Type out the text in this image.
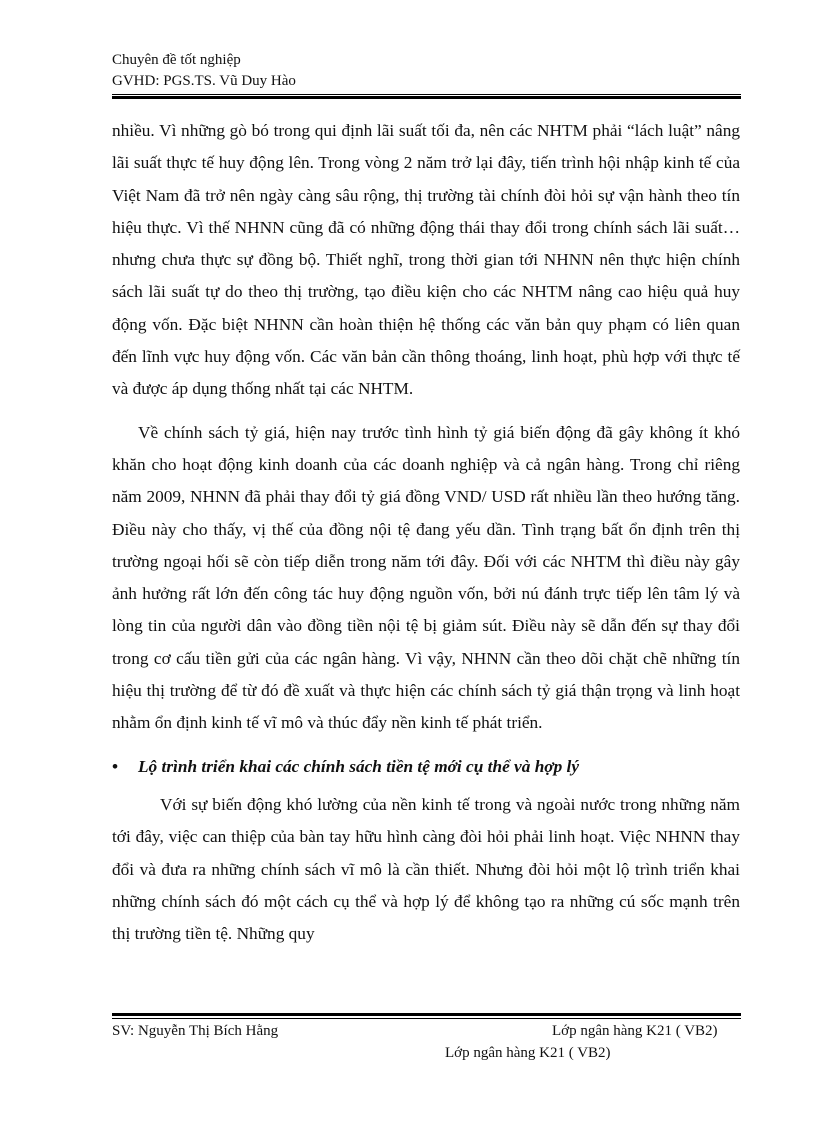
Chuyên đề tốt nghiệp
GVHD: PGS.TS. Vũ Duy Hào

nhiều. Vì những gò bó trong qui định lãi suất tối đa, nên các NHTM phải “lách luật” nâng lãi suất thực tế huy động lên. Trong vòng 2 năm trở lại đây, tiến trình hội nhập kinh tế của Việt Nam đã trở nên ngày càng sâu rộng, thị trường tài chính đòi hỏi sự vận hành theo tín hiệu thực. Vì thế NHNN cũng đã có những động thái thay đổi trong chính sách lãi suất… nhưng chưa thực sự đồng bộ. Thiết nghĩ, trong thời gian tới NHNN nên thực hiện chính sách lãi suất tự do theo thị trường, tạo điều kiện cho các NHTM nâng cao hiệu quả huy động vốn. Đặc biệt NHNN cần hoàn thiện hệ thống các văn bản quy phạm có liên quan đến lĩnh vực huy động vốn. Các văn bản cần thông thoáng, linh hoạt, phù hợp với thực tế và được áp dụng thống nhất tại các NHTM.

Về chính sách tỷ giá, hiện nay trước tình hình tỷ giá biến động đã gây không ít khó khăn cho hoạt động kinh doanh của các doanh nghiệp và cả ngân hàng. Trong chỉ riêng năm 2009, NHNN đã phải thay đổi tỷ giá đồng VND/ USD rất nhiều lần theo hướng tăng. Điều này cho thấy, vị thế của đồng nội tệ đang yếu dần. Tình trạng bất ổn định trên thị trường ngoại hối sẽ còn tiếp diễn trong năm tới đây. Đối với các NHTM thì điều này gây ảnh hưởng rất lớn đến công tác huy động nguồn vốn, bởi nú đánh trực tiếp lên tâm lý và lòng tin của người dân vào đồng tiền nội tệ bị giảm sút. Điều này sẽ dẫn đến sự thay đổi trong cơ cấu tiền gửi của các ngân hàng. Vì vậy, NHNN cần theo dõi chặt chẽ những tín hiệu thị trường để từ đó đề xuất và thực hiện các chính sách tỷ giá thận trọng và linh hoạt nhằm ổn định kinh tế vĩ mô và thúc đẩy nền kinh tế phát triển.

• Lộ trình triển khai các chính sách tiền tệ mới cụ thể và hợp lý

Với sự biến động khó lường của nền kinh tế trong và ngoài nước trong những năm tới đây, việc can thiệp của bàn tay hữu hình càng đòi hỏi phải linh hoạt. Việc NHNN thay đổi và đưa ra những chính sách vĩ mô là cần thiết. Nhưng đòi hỏi một lộ trình triển khai những chính sách đó một cách cụ thể và hợp lý để không tạo ra những cú sốc mạnh trên thị trường tiền tệ. Những quy

SV: Nguyễn Thị Bích Hằng	Lớp ngân hàng K21 ( VB2)
Lớp ngân hàng K21 ( VB2)
